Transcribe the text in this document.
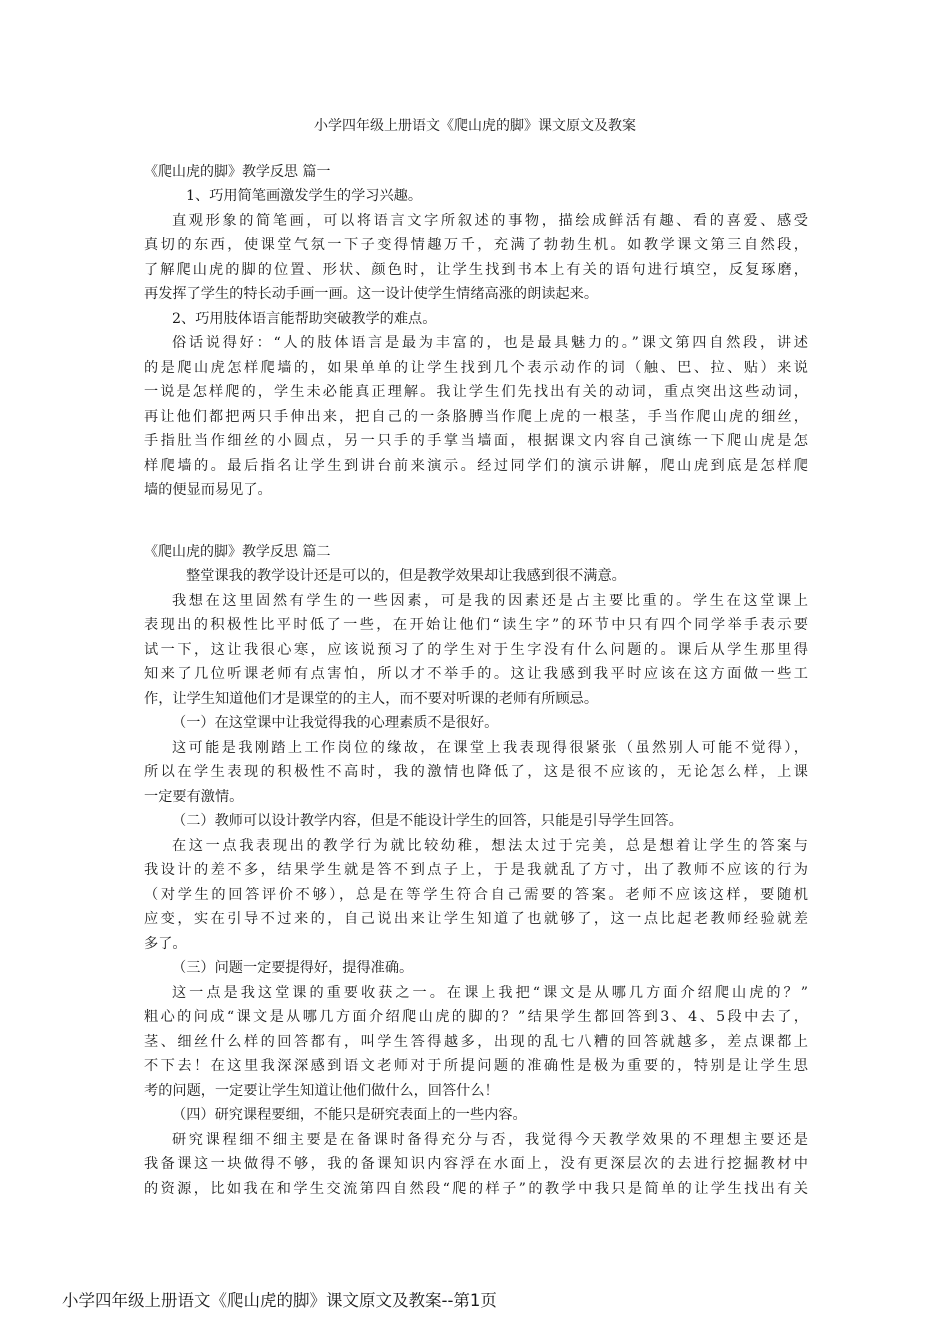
小学四年级上册语文《爬山虎的脚》课文原文及教案
《爬山虎的脚》教学反思 篇一
1、巧用简笔画激发学生的学习兴趣。
直观形象的简笔画，可以将语言文字所叙述的事物，描绘成鲜活有趣、看的喜爱、感受
真切的东西，使课堂气氛一下子变得情趣万千，充满了勃勃生机。如教学课文第三自然段，
了解爬山虎的脚的位置、形状、颜色时，让学生找到书本上有关的语句进行填空，反复琢磨，
再发挥了学生的特长动手画一画。这一设计使学生情绪高涨的朗读起来。
2、巧用肢体语言能帮助突破教学的难点。
俗话说得好：“人的肢体语言是最为丰富的，也是最具魅力的。”课文第四自然段，讲述
的是爬山虎怎样爬墙的，如果单单的让学生找到几个表示动作的词（触、巴、拉、贴）来说
一说是怎样爬的，学生未必能真正理解。我让学生们先找出有关的动词，重点突出这些动词，
再让他们都把两只手伸出来，把自己的一条胳膊当作爬上虎的一根茎，手当作爬山虎的细丝，
手指肚当作细丝的小圆点，另一只手的手掌当墙面，根据课文内容自己演练一下爬山虎是怎
样爬墙的。最后指名让学生到讲台前来演示。经过同学们的演示讲解，爬山虎到底是怎样爬
墙的便显而易见了。
《爬山虎的脚》教学反思 篇二
整堂课我的教学设计还是可以的，但是教学效果却让我感到很不满意。
我想在这里固然有学生的一些因素，可是我的因素还是占主要比重的。学生在这堂课上
表现出的积极性比平时低了一些，在开始让他们“读生字”的环节中只有四个同学举手表示要
试一下，这让我很心寒，应该说预习了的学生对于生字没有什么问题的。课后从学生那里得
知来了几位听课老师有点害怕，所以才不举手的。这让我感到我平时应该在这方面做一些工
作，让学生知道他们才是课堂的的主人，而不要对听课的老师有所顾忌。
（一）在这堂课中让我觉得我的心理素质不是很好。
这可能是我刚踏上工作岗位的缘故，在课堂上我表现得很紧张（虽然别人可能不觉得），
所以在学生表现的积极性不高时，我的激情也降低了，这是很不应该的，无论怎么样，上课
一定要有激情。
（二）教师可以设计教学内容，但是不能设计学生的回答，只能是引导学生回答。
在这一点我表现出的教学行为就比较幼稚，想法太过于完美，总是想着让学生的答案与
我设计的差不多，结果学生就是答不到点子上，于是我就乱了方寸，出了教师不应该的行为
（对学生的回答评价不够），总是在等学生符合自己需要的答案。老师不应该这样，要随机
应变，实在引导不过来的，自己说出来让学生知道了也就够了，这一点比起老教师经验就差
多了。
（三）问题一定要提得好，提得准确。
这一点是我这堂课的重要收获之一。在课上我把“课文是从哪几方面介绍爬山虎的？”
粗心的问成“课文是从哪几方面介绍爬山虎的脚的？”结果学生都回答到3、4、5段中去了，
茎、细丝什么样的回答都有，叫学生答得越多，出现的乱七八糟的回答就越多，差点课都上
不下去！在这里我深深感到语文老师对于所提问题的准确性是极为重要的，特别是让学生思
考的问题，一定要让学生知道让他们做什么，回答什么！
（四）研究课程要细，不能只是研究表面上的一些内容。
研究课程细不细主要是在备课时备得充分与否，我觉得今天教学效果的不理想主要还是
我备课这一块做得不够，我的备课知识内容浮在水面上，没有更深层次的去进行挖掘教材中
的资源，比如我在和学生交流第四自然段“爬的样子”的教学中我只是简单的让学生找出有关
小学四年级上册语文《爬山虎的脚》课文原文及教案--第1页
